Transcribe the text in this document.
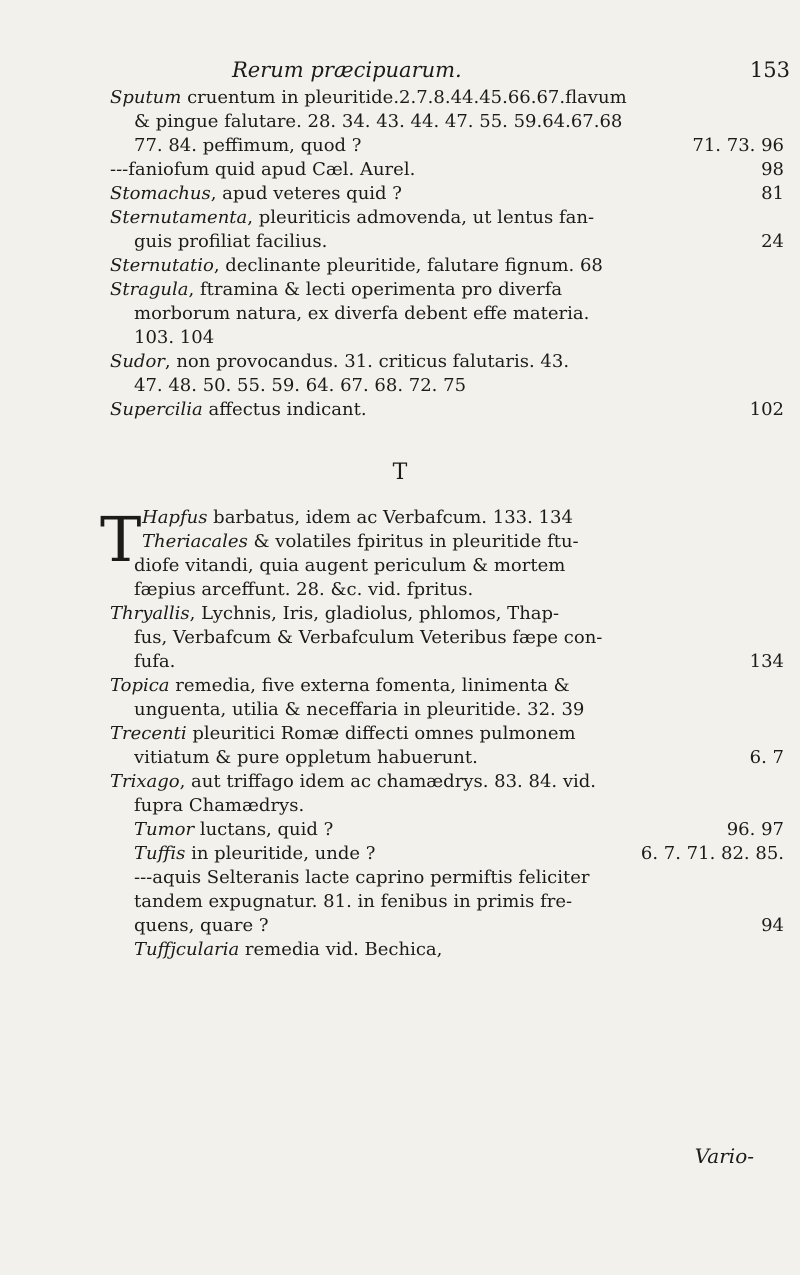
Rerum præcipuarum.	153
Sputum cruentum in pleuritide.2.7.8.44.45.66.67.flavum
& pingue falutare. 28. 34. 43. 44. 47. 55. 59.64.67.68
77. 84. peffimum, quod ?	71. 73. 96
---faniofum quid apud Cæl. Aurel.	98
Stomachus, apud veteres quid ?	81
Sternutamenta, pleuriticis admovenda, ut lentus fan-
guis profiliat facilius.	24
Sternutatio, declinante pleuritide, falutare fignum. 68
Stragula, ftramina & lecti operimenta pro diverfa
morborum natura, ex diverfa debent effe materia.
103. 104
Sudor, non provocandus. 31. criticus falutaris. 43.
47. 48. 50. 55. 59. 64. 67. 68. 72. 75
Supercilia affectus indicant.	102
T
T Hapfus barbatus, idem ac Verbafcum. 133. 134
Theriacales & volatiles fpiritus in pleuritide ftu-
diofe vitandi, quia augent periculum & mortem
fæpius arceffunt. 28. &c. vid. fpritus.
Thryallis, Lychnis, Iris, gladiolus, phlomos, Thap-
fus, Verbafcum & Verbafculum Veteribus fæpe con-
fufa.	134
Topica remedia, five externa fomenta, linimenta &
unguenta, utilia & neceffaria in pleuritide. 32. 39
Trecenti pleuritici Romæ diffecti omnes pulmonem
vitiatum & pure oppletum habuerunt.	6. 7
Trixago, aut triffago idem ac chamædrys. 83. 84. vid.
fupra Chamædrys.
Tumor luctans, quid ?	96. 97
Tuffis in pleuritide, unde ?	6. 7. 71. 82. 85.
---aquis Selteranis lacte caprino permiftis feliciter
tandem expugnatur. 81. in fenibus in primis fre-
quens, quare ?	94
Tuffjcularia remedia vid. Bechica,
Vario-
